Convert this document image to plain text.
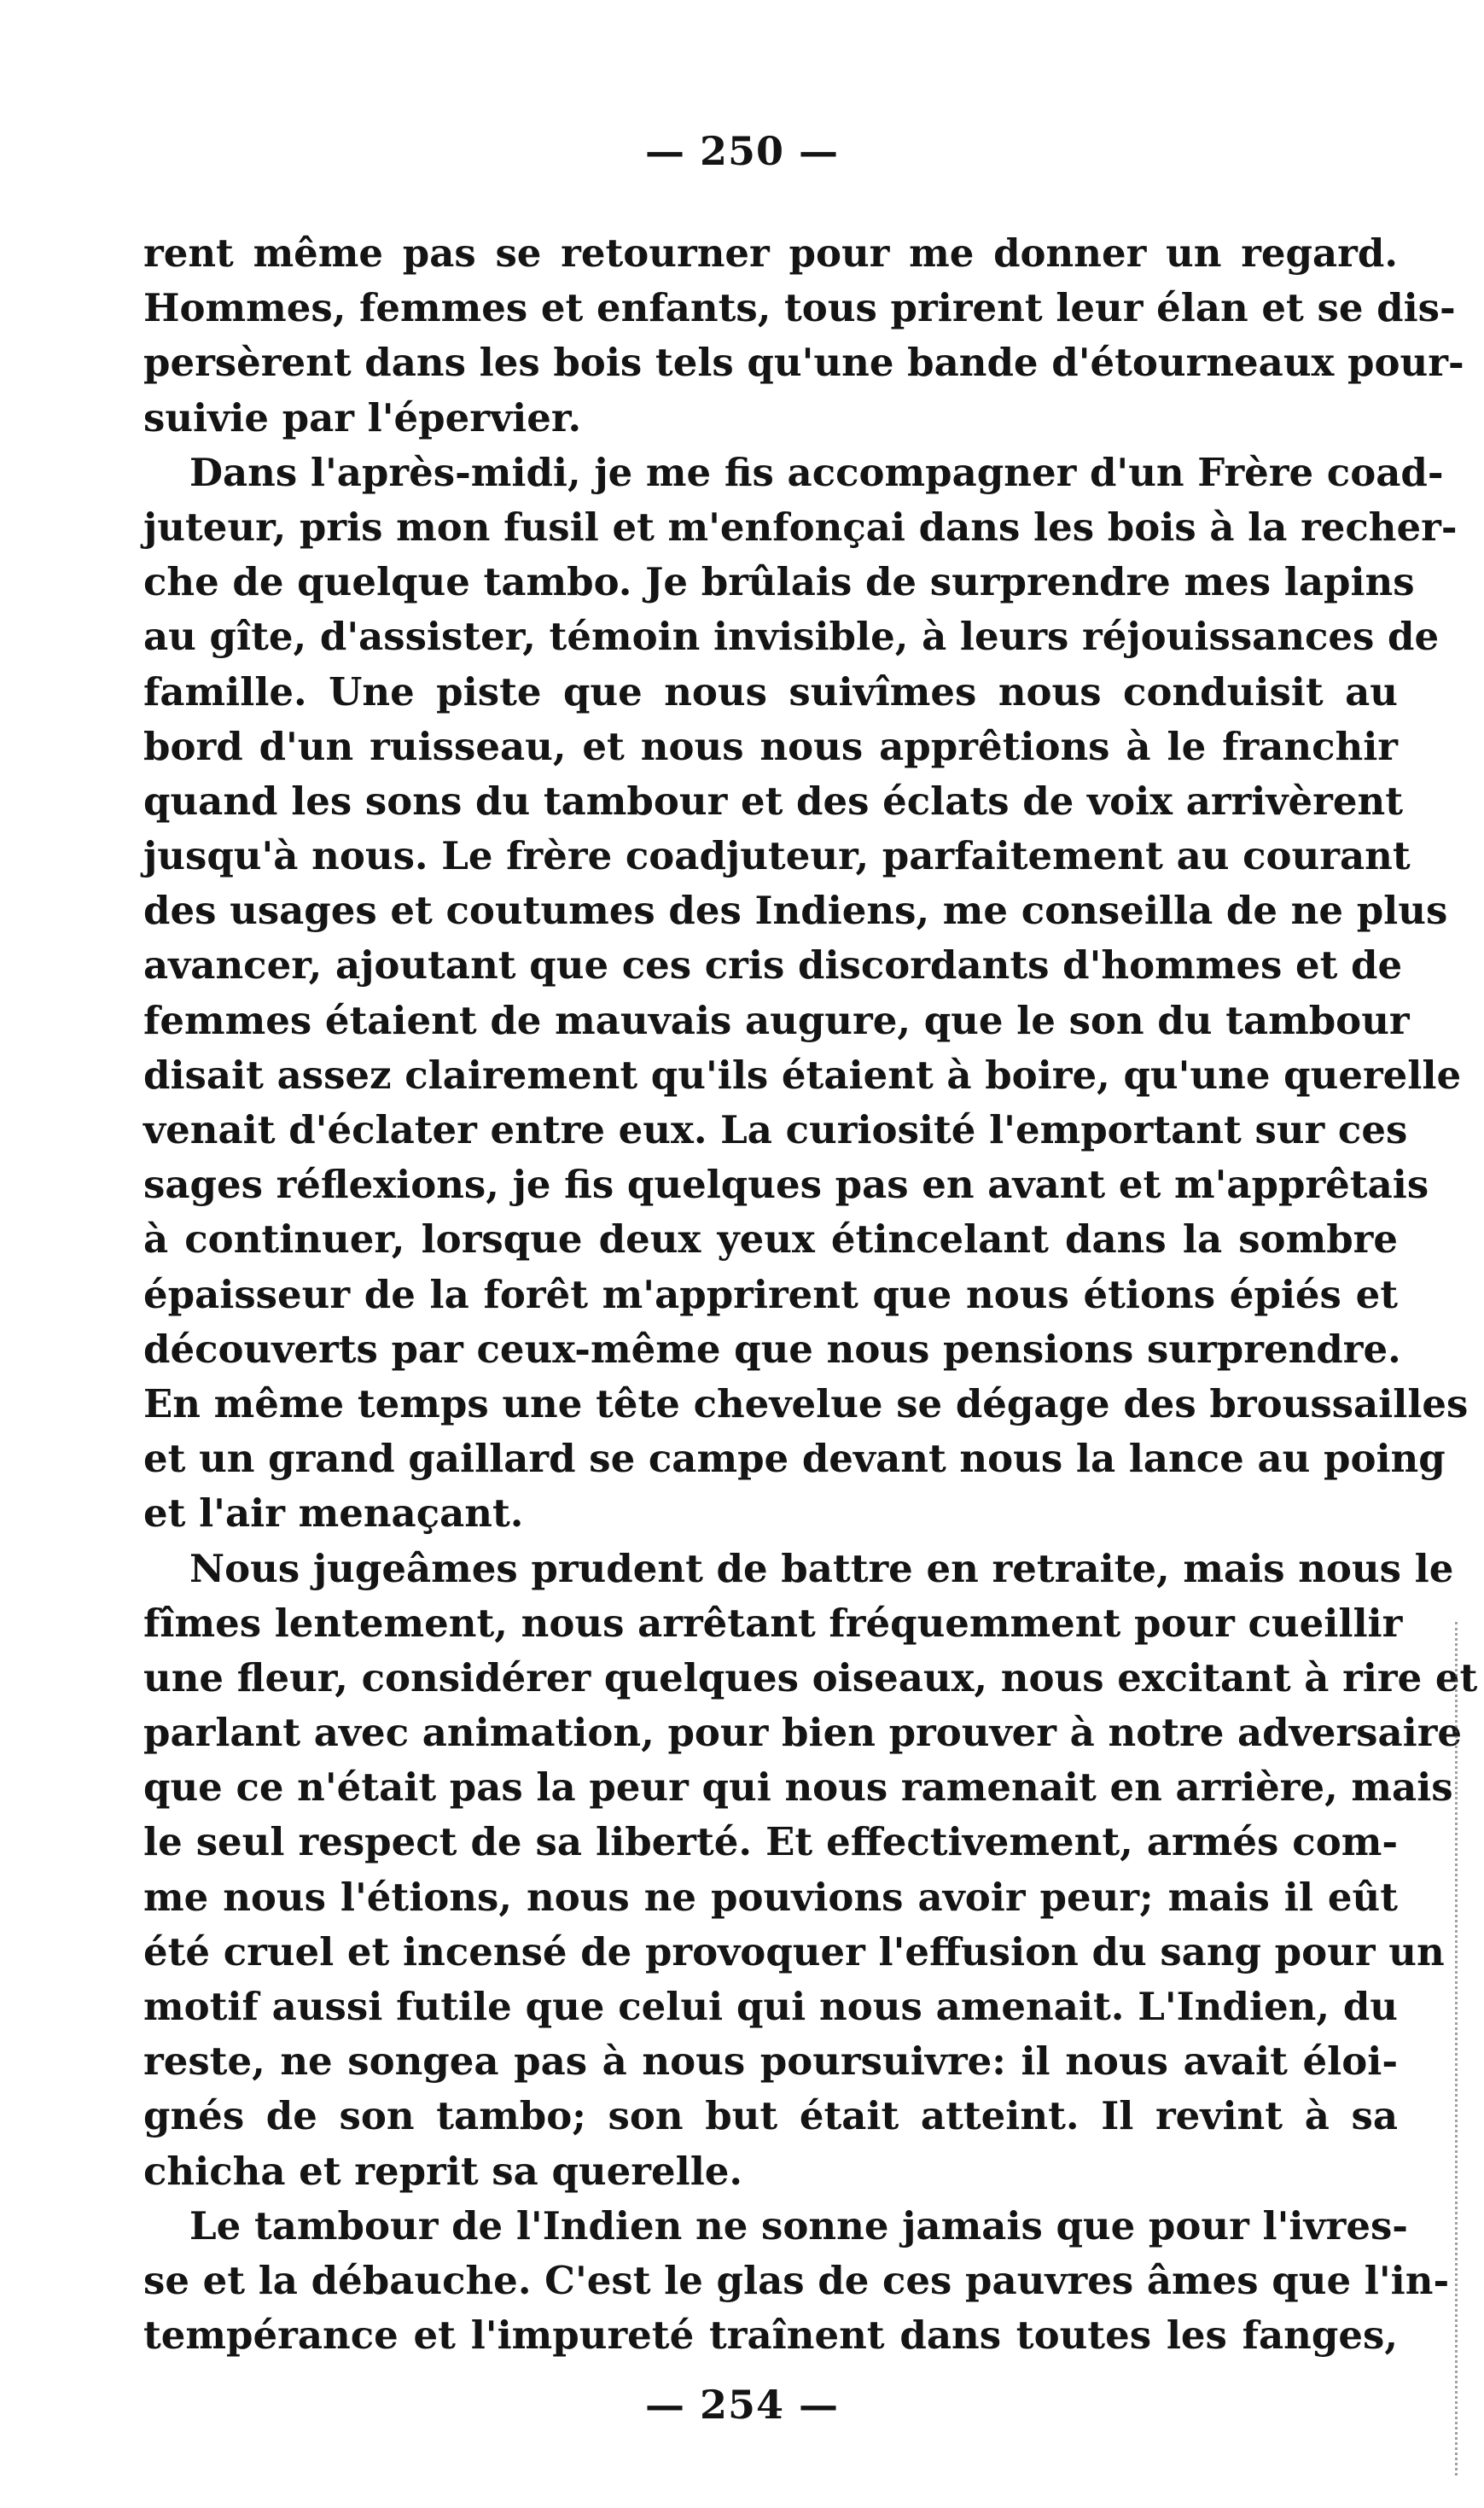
— 250 —
rent même pas se retourner pour me donner un regard.
Hommes, femmes et enfants, tous prirent leur élan et se dis-
persèrent dans les bois tels qu'une bande d'étourneaux pour-
suivie par l'épervier.
Dans l'après-midi, je me fis accompagner d'un Frère coad-
juteur, pris mon fusil et m'enfonçai dans les bois à la recher-
che de quelque tambo. Je brûlais de surprendre mes lapins
au gîte, d'assister, témoin invisible, à leurs réjouissances de
famille. Une piste que nous suivîmes nous conduisit au
bord d'un ruisseau, et nous nous apprêtions à le franchir
quand les sons du tambour et des éclats de voix arrivèrent
jusqu'à nous. Le frère coadjuteur, parfaitement au courant
des usages et coutumes des Indiens, me conseilla de ne plus
avancer, ajoutant que ces cris discordants d'hommes et de
femmes étaient de mauvais augure, que le son du tambour
disait assez clairement qu'ils étaient à boire, qu'une querelle
venait d'éclater entre eux. La curiosité l'emportant sur ces
sages réflexions, je fis quelques pas en avant et m'apprêtais
à continuer, lorsque deux yeux étincelant dans la sombre
épaisseur de la forêt m'apprirent que nous étions épiés et
découverts par ceux-même que nous pensions surprendre.
En même temps une tête chevelue se dégage des broussailles
et un grand gaillard se campe devant nous la lance au poing
et l'air menaçant.
Nous jugeâmes prudent de battre en retraite, mais nous le
fîmes lentement, nous arrêtant fréquemment pour cueillir
une fleur, considérer quelques oiseaux, nous excitant à rire et
parlant avec animation, pour bien prouver à notre adversaire
que ce n'était pas la peur qui nous ramenait en arrière, mais
le seul respect de sa liberté. Et effectivement, armés com-
me nous l'étions, nous ne pouvions avoir peur; mais il eût
été cruel et incensé de provoquer l'effusion du sang pour un
motif aussi futile que celui qui nous amenait. L'Indien, du
reste, ne songea pas à nous poursuivre: il nous avait éloi-
gnés de son tambo; son but était atteint. Il revint à sa
chicha et reprit sa querelle.
Le tambour de l'Indien ne sonne jamais que pour l'ivres-
se et la débauche. C'est le glas de ces pauvres âmes que l'in-
tempérance et l'impureté traînent dans toutes les fanges,
— 254 —
